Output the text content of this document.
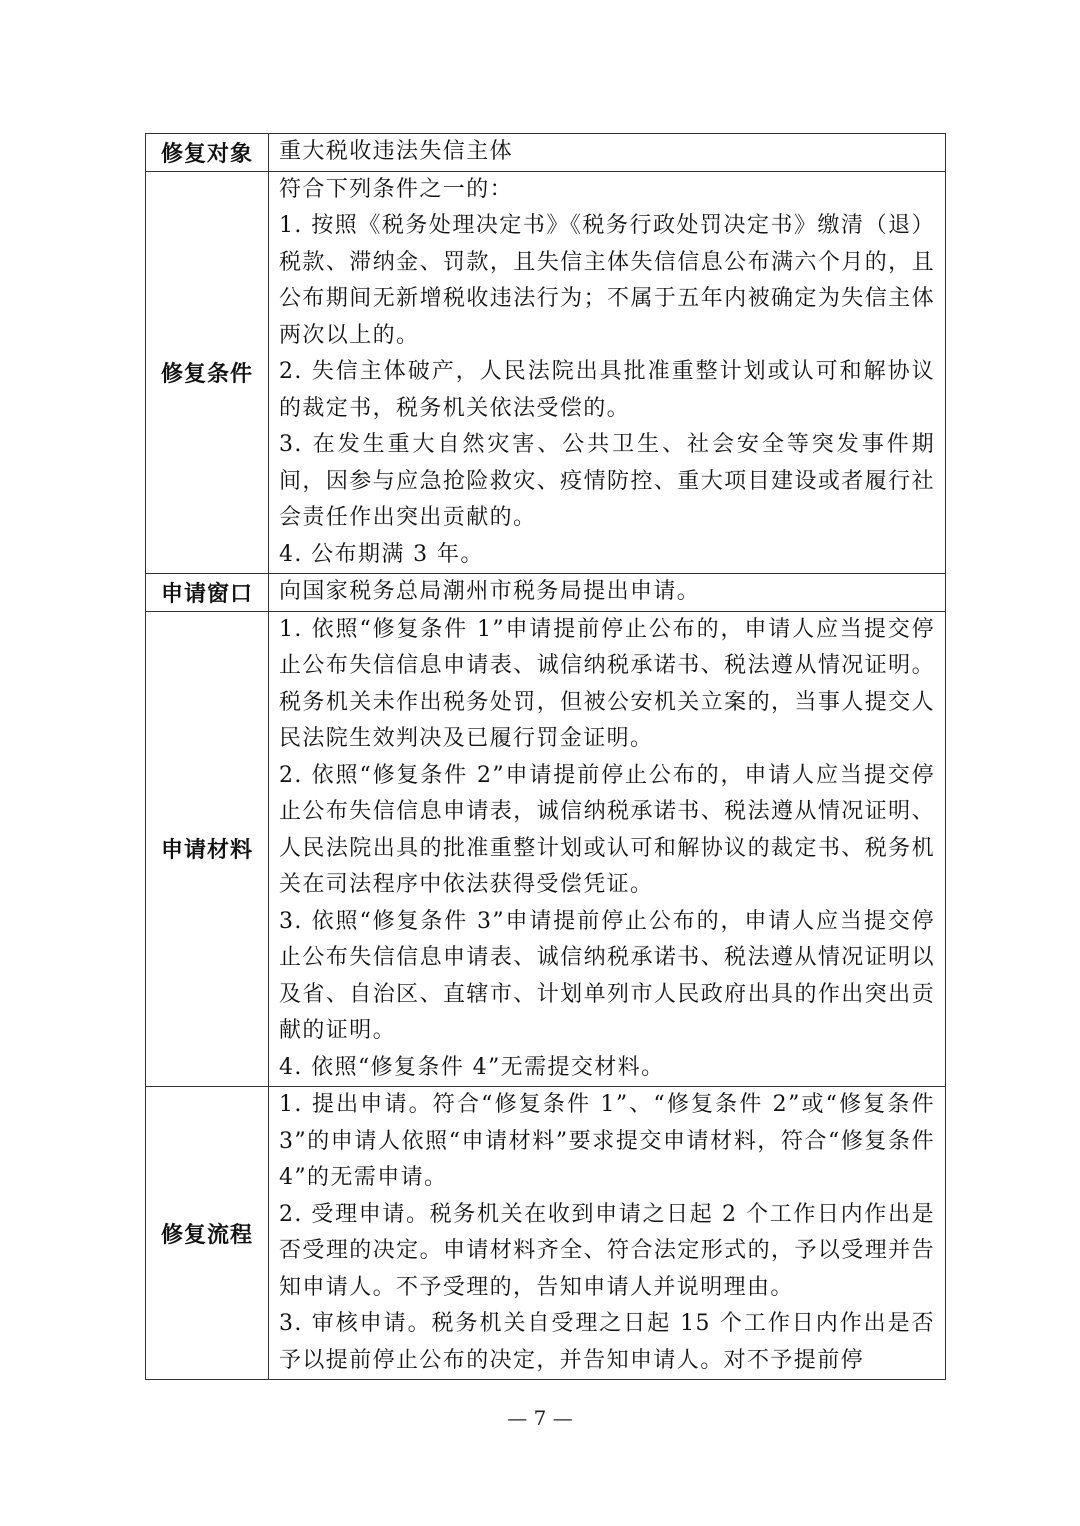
修复对象	重大税收违法失信主体

修复条件	符合下列条件之一的：

1. 按照《税务处理决定书》《税务行政处罚决定书》缴清（退）税款、滞纳金、罚款，且失信主体失信信息公布满六个月的，且公布期间无新增税收违法行为；不属于五年内被确定为失信主体两次以上的。

2. 失信主体破产，人民法院出具批准重整计划或认可和解协议的裁定书，税务机关依法受偿的。

3. 在发生重大自然灾害、公共卫生、社会安全等突发事件期间，因参与应急抢险救灾、疫情防控、重大项目建设或者履行社会责任作出突出贡献的。

4. 公布期满 3 年。

申请窗口	向国家税务总局潮州市税务局提出申请。

申请材料	1. 依照“修复条件 1”申请提前停止公布的，申请人应当提交停止公布失信信息申请表、诚信纳税承诺书、税法遵从情况证明。税务机关未作出税务处罚，但被公安机关立案的，当事人提交人民法院生效判决及已履行罚金证明。

2. 依照“修复条件 2”申请提前停止公布的，申请人应当提交停止公布失信信息申请表，诚信纳税承诺书、税法遵从情况证明、人民法院出具的批准重整计划或认可和解协议的裁定书、税务机关在司法程序中依法获得受偿凭证。

3. 依照“修复条件 3”申请提前停止公布的，申请人应当提交停止公布失信信息申请表、诚信纳税承诺书、税法遵从情况证明以及省、自治区、直辖市、计划单列市人民政府出具的作出突出贡献的证明。

4. 依照“修复条件 4”无需提交材料。

修复流程	1. 提出申请。符合“修复条件 1”、“修复条件 2”或“修复条件 3”的申请人依照“申请材料”要求提交申请材料，符合“修复条件 4”的无需申请。

2. 受理申请。税务机关在收到申请之日起 2 个工作日内作出是否受理的决定。申请材料齐全、符合法定形式的，予以受理并告知申请人。不予受理的，告知申请人并说明理由。

3. 审核申请。税务机关自受理之日起 15 个工作日内作出是否予以提前停止公布的决定，并告知申请人。对不予提前停

— 7 —
